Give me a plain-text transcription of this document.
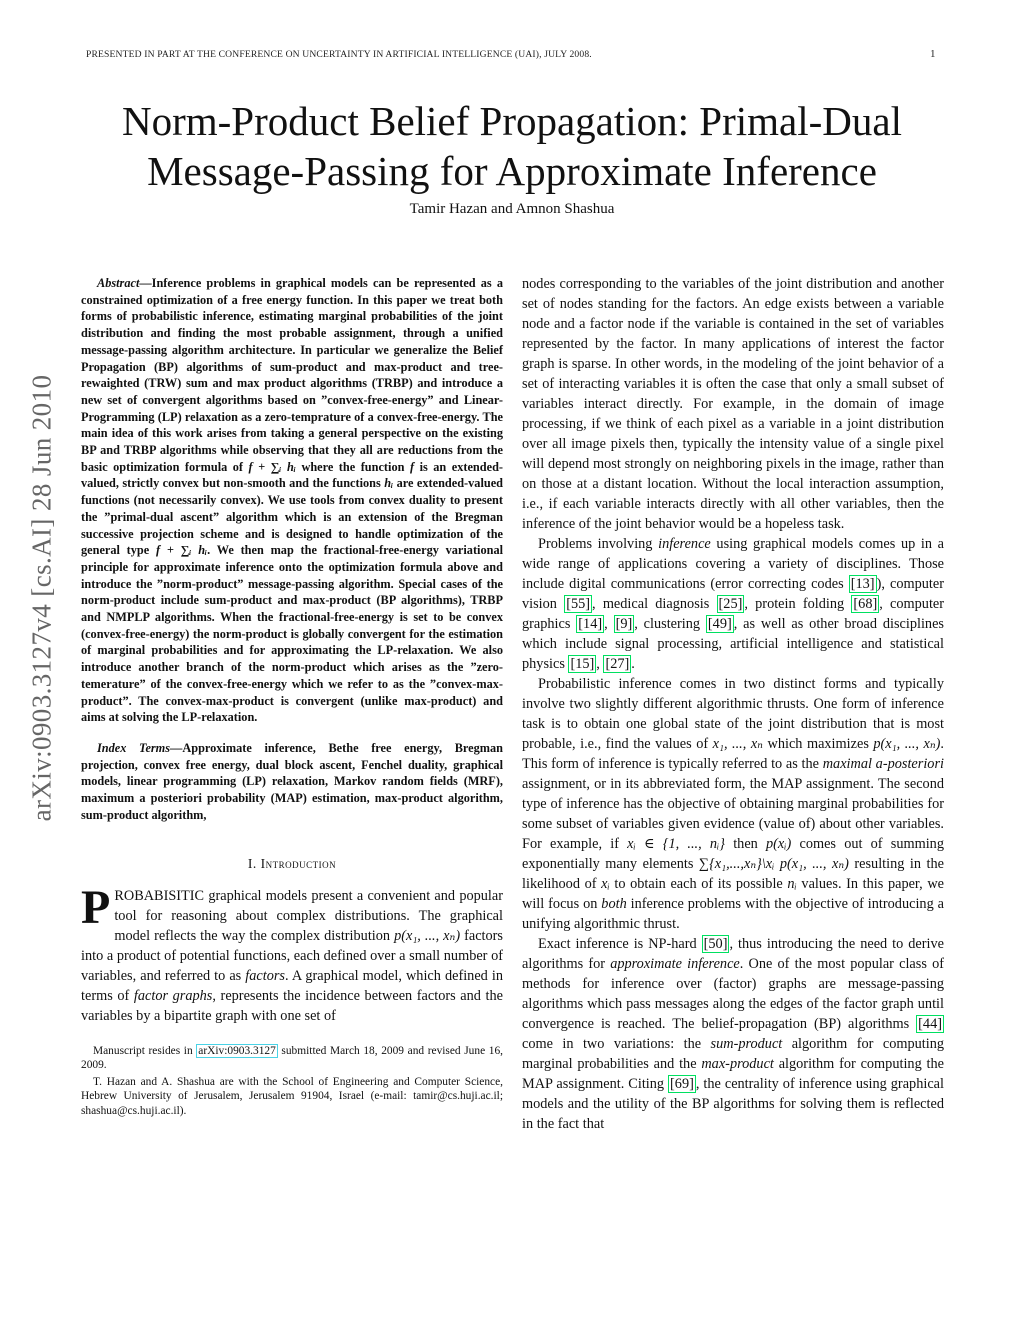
PRESENTED IN PART AT THE CONFERENCE ON UNCERTAINTY IN ARTIFICIAL INTELLIGENCE (UAI), JULY 2008.	1
Norm-Product Belief Propagation: Primal-Dual
Message-Passing for Approximate Inference
Tamir Hazan and Amnon Shashua
arXiv:0903.3127v4 [cs.AI] 28 Jun 2010

Abstract—Inference problems in graphical models can be represented as a constrained optimization of a free energy function. In this paper we treat both forms of probabilistic inference, estimating marginal probabilities of the joint distribution and finding the most probable assignment, through a unified message-passing algorithm architecture. In particular we generalize the Belief Propagation (BP) algorithms of sum-product and max-product and tree-rewaighted (TRW) sum and max product algorithms (TRBP) and introduce a new set of convergent algorithms based on ”convex-free-energy” and Linear-Programming (LP) relaxation as a zero-temprature of a convex-free-energy. The main idea of this work arises from taking a general perspective on the existing BP and TRBP algorithms while observing that they all are reductions from the basic optimization formula of f + ∑ᵢ hᵢ where the function f is an extended-valued, strictly convex but non-smooth and the functions hᵢ are extended-valued functions (not necessarily convex). We use tools from convex duality to present the ”primal-dual ascent” algorithm which is an extension of the Bregman successive projection scheme and is designed to handle optimization of the general type f + ∑ᵢ hᵢ. We then map the fractional-free-energy variational principle for approximate inference onto the optimization formula above and introduce the ”norm-product” message-passing algorithm. Special cases of the norm-product include sum-product and max-product (BP algorithms), TRBP and NMPLP algorithms. When the fractional-free-energy is set to be convex (convex-free-energy) the norm-product is globally convergent for the estimation of marginal probabilities and for approximating the LP-relaxation. We also introduce another branch of the norm-product which arises as the ”zero-temerature” of the convex-free-energy which we refer to as the ”convex-max-product”. The convex-max-product is convergent (unlike max-product) and aims at solving the LP-relaxation.

Index Terms—Approximate inference, Bethe free energy, Bregman projection, convex free energy, dual block ascent, Fenchel duality, graphical models, linear programming (LP) relaxation, Markov random fields (MRF), maximum a posteriori probability (MAP) estimation, max-product algorithm, sum-product algorithm,

I. Introduction

PROBABISITIC graphical models present a convenient and popular tool for reasoning about complex distributions. The graphical model reflects the way the complex distribution p(x₁, ..., xₙ) factors into a product of potential functions, each defined over a small number of variables, and referred to as factors. A graphical model, which defined in terms of factor graphs, represents the incidence between factors and the variables by a bipartite graph with one set of

Manuscript resides in arXiv:0903.3127 submitted March 18, 2009 and revised June 16, 2009.

T. Hazan and A. Shashua are with the School of Engineering and Computer Science, Hebrew University of Jerusalem, Jerusalem 91904, Israel (e-mail: tamir@cs.huji.ac.il; shashua@cs.huji.ac.il).

nodes corresponding to the variables of the joint distribution and another set of nodes standing for the factors. An edge exists between a variable node and a factor node if the variable is contained in the set of variables represented by the factor. In many applications of interest the factor graph is sparse. In other words, in the modeling of the joint behavior of a set of interacting variables it is often the case that only a small subset of variables interact directly. For example, in the domain of image processing, if we think of each pixel as a variable in a joint distribution over all image pixels then, typically the intensity value of a single pixel will depend most strongly on neighboring pixels in the image, rather than on those at a distant location. Without the local interaction assumption, i.e., if each variable interacts directly with all other variables, then the inference of the joint behavior would be a hopeless task.

Problems involving inference using graphical models comes up in a wide range of applications covering a variety of disciplines. Those include digital communications (error correcting codes [13] ), computer vision [55] , medical diagnosis [25] , protein folding [68] , computer graphics [14] , [9] , clustering [49] , as well as other broad disciplines which include signal processing, artificial intelligence and statistical physics [15] , [27] .

Probabilistic inference comes in two distinct forms and typically involve two slightly different algorithmic thrusts. One form of inference task is to obtain one global state of the joint distribution that is most probable, i.e., find the values of x₁, ..., xₙ which maximizes p(x₁, ..., xₙ). This form of inference is typically referred to as the maximal a-posteriori assignment, or in its abbreviated form, the MAP assignment. The second type of inference has the objective of obtaining marginal probabilities for some subset of variables given evidence (value of) about other variables. For example, if xᵢ ∈ {1, ..., nᵢ} then p(xᵢ) comes out of summing exponentially many elements ∑{x₁,...,xₙ}\xᵢ p(x₁, ..., xₙ) resulting in the likelihood of xᵢ to obtain each of its possible nᵢ values. In this paper, we will focus on both inference problems with the objective of introducing a unifying algorithmic thrust.

Exact inference is NP-hard [50] , thus introducing the need to derive algorithms for approximate inference. One of the most popular class of methods for inference over (factor) graphs are message-passing algorithms which pass messages along the edges of the factor graph until convergence is reached. The belief-propagation (BP) algorithms [44] come in two variations: the sum-product algorithm for computing marginal probabilities and the max-product algorithm for computing the MAP assignment. Citing [69] , the centrality of inference using graphical models and the utility of the BP algorithms for solving them is reflected in the fact that
